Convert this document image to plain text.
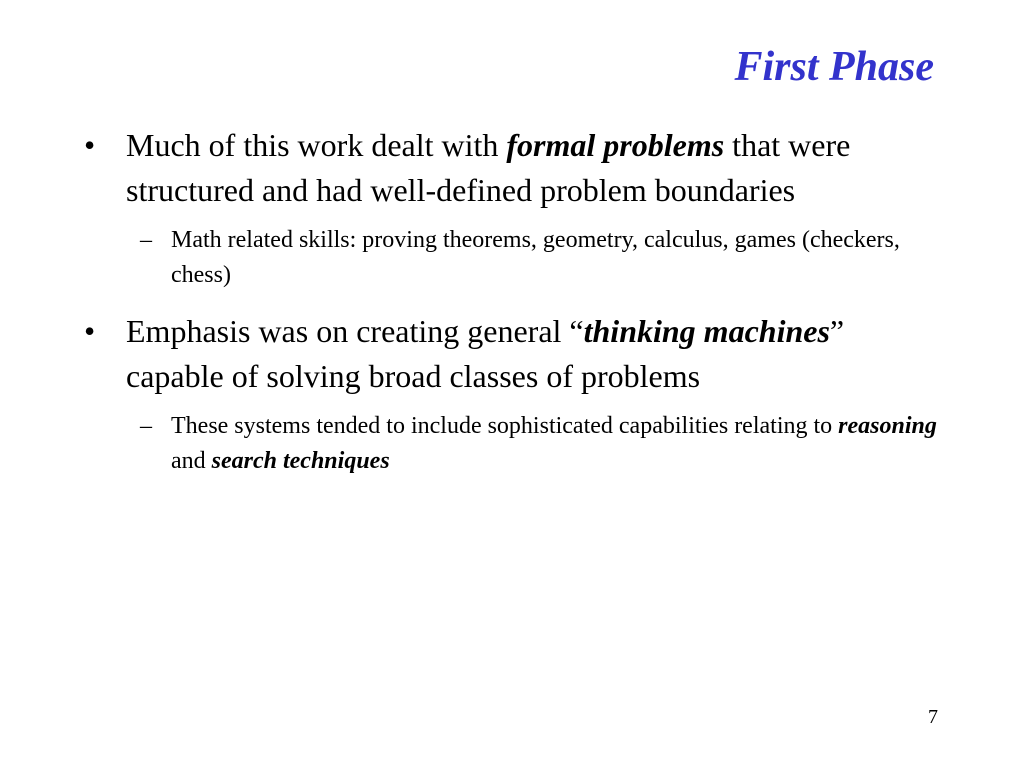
First Phase
• Much of this work dealt with formal problems that were structured and had well-defined problem boundaries
– Math related skills: proving theorems, geometry, calculus, games (checkers, chess)
• Emphasis was on creating general “thinking machines” capable of solving broad classes of problems
– These systems tended to include sophisticated capabilities relating to reasoning and search techniques
7
